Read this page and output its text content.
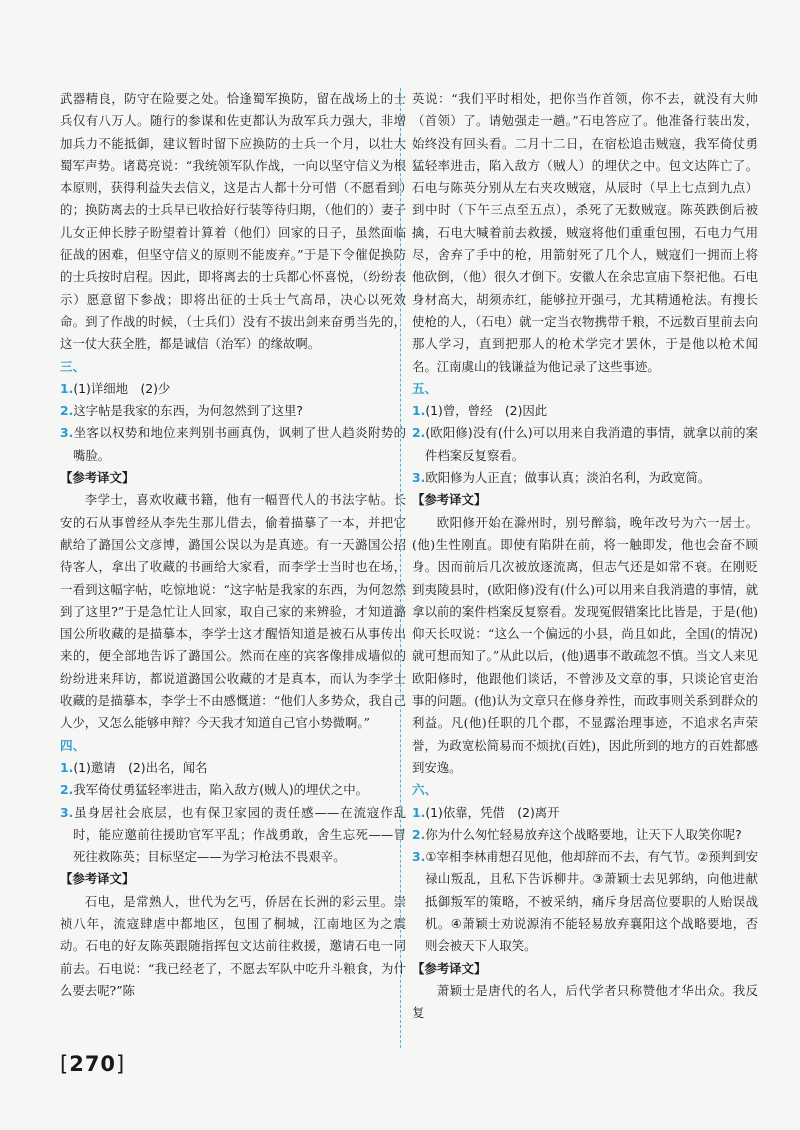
武器精良，防守在险要之处。恰逢蜀军换防，留在战场上的士兵仅有八万人。随行的参谋和佐吏都认为敌军兵力强大，非增加兵力不能抵御，建议暂时留下应换防的士兵一个月，以壮大蜀军声势。诸葛亮说：“我统领军队作战，一向以坚守信义为根本原则，获得利益失去信义，这是古人都十分可惜（不愿看到）的；换防离去的士兵早已收拾好行装等待归期，（他们的）妻子儿女正伸长脖子盼望着计算着（他们）回家的日子，虽然面临征战的困难，但坚守信义的原则不能废弃。”于是下令催促换防的士兵按时启程。因此，即将离去的士兵都心怀喜悦，（纷纷表示）愿意留下参战；即将出征的士兵士气高昂，决心以死效命。到了作战的时候，（士兵们）没有不拔出剑来奋勇当先的，这一仗大获全胜，都是诚信（治军）的缘故啊。

三、

1.(1)详细地　(2)少

2.这字帖是我家的东西，为何忽然到了这里?

3.坐客以权势和地位来判别书画真伪，讽刺了世人趋炎附势的嘴脸。

【参考译文】

李学士，喜欢收藏书籍，他有一幅晋代人的书法字帖。长安的石从事曾经从李先生那儿借去，偷着描摹了一本，并把它献给了潞国公文彦博，潞国公误以为是真迹。有一天潞国公招待客人，拿出了收藏的书画给大家看，而李学士当时也在场，一看到这幅字帖，吃惊地说：“这字帖是我家的东西，为何忽然到了这里?”于是急忙让人回家，取自己家的来辨验，才知道潞国公所收藏的是描摹本，李学士这才醒悟知道是被石从事传出来的，便全部地告诉了潞国公。然而在座的宾客像排成墙似的纷纷进来拜访，都说道潞国公收藏的才是真本，而认为李学士收藏的是描摹本，李学士不由感慨道：“他们人多势众，我自己人少，又怎么能够申辩？今天我才知道自己官小势微啊。”

四、

1.(1)邀请　(2)出名，闻名

2.我军倚仗勇猛轻率进击，陷入敌方(贼人)的埋伏之中。

3.虽身居社会底层，也有保卫家园的责任感——在流寇作乱时，能应邀前往援助官军平乱；作战勇敢，舍生忘死——冒死往救陈英；目标坚定——为学习枪法不畏艰辛。

【参考译文】

石电，是常熟人，世代为乞丐，侨居在长洲的彩云里。崇祯八年，流寇肆虐中都地区，包围了桐城，江南地区为之震动。石电的好友陈英跟随指挥包文达前往救援，邀请石电一同前去。石电说：“我已经老了，不愿去军队中吃升斗粮食，为什么要去呢?”陈

英说：“我们平时相处，把你当作首领，你不去，就没有大帅（首领）了。请勉强走一趟。”石电答应了。他准备行装出发，始终没有回头看。二月十二日，在宿松追击贼寇，我军倚仗勇猛轻率进击，陷入敌方（贼人）的埋伏之中。包文达阵亡了。石电与陈英分别从左右夹攻贼寇，从辰时（早上七点到九点）到中时（下午三点至五点），杀死了无数贼寇。陈英跌倒后被擒，石电大喊着前去救援，贼寇将他们重重包围，石电力气用尽，舍弃了手中的枪，用箭射死了几个人，贼寇们一拥而上将他砍倒，（他）很久才倒下。安徽人在余忠宣庙下祭祀他。石电身材高大，胡须赤红，能够拉开强弓，尤其精通枪法。有搜长使枪的人，（石电）就一定当衣物携带千粮，不远数百里前去向那人学习，直到把那人的枪术学完才罢休，于是他以枪术闻名。江南虞山的钱谦益为他记录了这些事迹。

五、

1.(1)曾，曾经　(2)因此

2.(欧阳修)没有(什么)可以用来自我消遣的事情，就拿以前的案件档案反复察看。

3.欧阳修为人正直；做事认真；淡泊名利，为政宽简。

【参考译文】

欧阳修开始在滁州时，别号醉翁，晚年改号为六一居士。(他)生性刚直。即使有陷阱在前，将一触即发，他也会奋不顾身。因而前后几次被放逐流离，但志气还是如常不衰。在刚贬到夷陵县时，(欧阳修)没有(什么)可以用来自我消遣的事情，就拿以前的案件档案反复察看。发现冤假错案比比皆是，于是(他)仰天长叹说：“这么一个偏远的小县，尚且如此，全国(的情况)就可想而知了。”从此以后，(他)遇事不敢疏忽不慎。当文人来见欧阳修时，他跟他们谈话，不曾涉及文章的事，只谈论官吏治事的问题。(他)认为文章只在修身养性，而政事则关系到群众的利益。凡(他)任职的几个郡，不显露治理事迹，不追求名声荣誉，为政宽松简易而不烦扰(百姓)，因此所到的地方的百姓都感到安逸。

六、

1.(1)依靠，凭借　(2)离开

2.你为什么匆忙轻易放弃这个战略要地，让天下人取笑你呢?

3.①宰相李林甫想召见他，他却辞而不去，有气节。②预判到安禄山叛乱，且私下告诉柳井。③萧颖士去见郭纳，向他进献抵御叛军的策略，不被采纳，痛斥身居高位要职的人贻误战机。④萧颖士劝说源洧不能轻易放弃襄阳这个战略要地，否则会被天下人取笑。

【参考译文】

萧颖士是唐代的名人，后代学者只称赞他才华出众。我反复

[270]
